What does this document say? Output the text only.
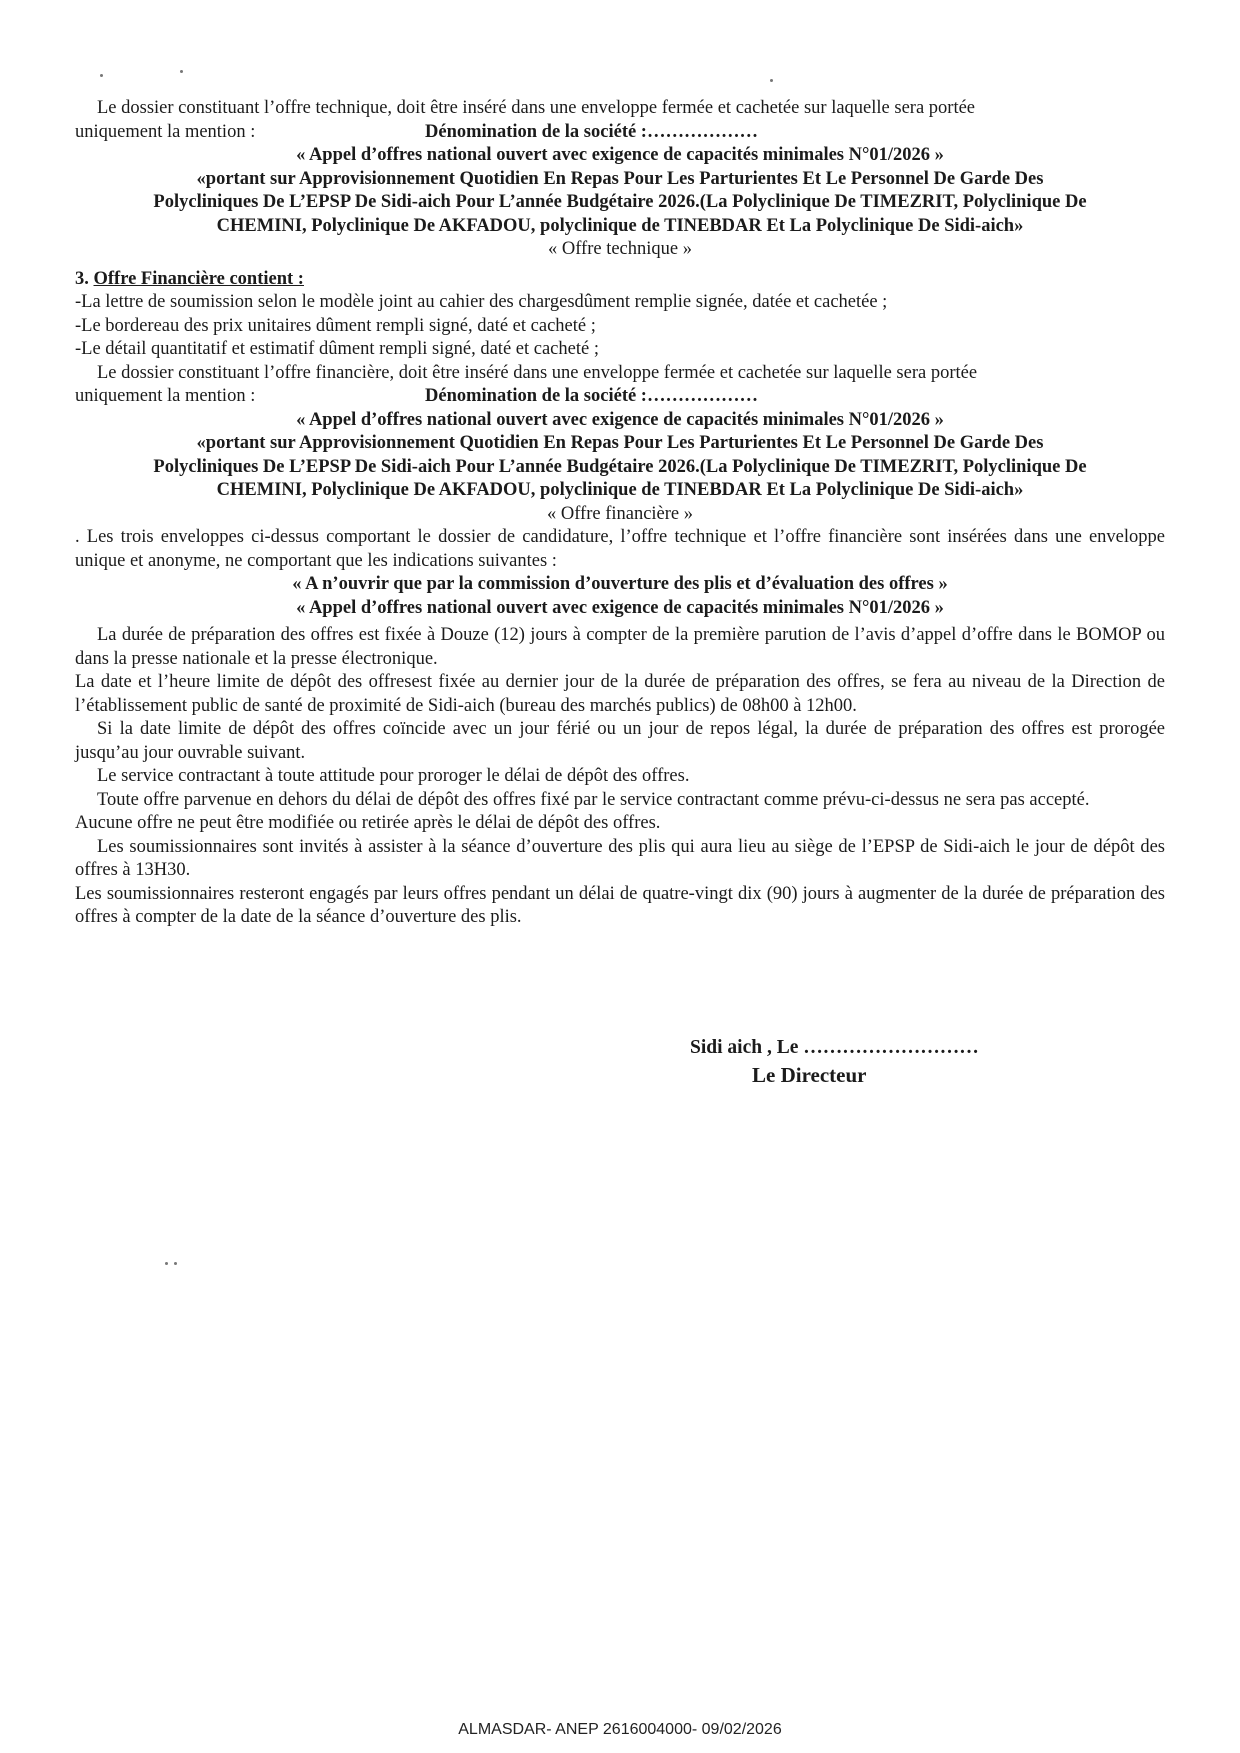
Le dossier constituant l’offre technique, doit être inséré dans une enveloppe fermée et cachetée sur laquelle sera portée

uniquement la mention :	Dénomination de la société :………………

« Appel d’offres national ouvert avec exigence de capacités minimales N°01/2026 »

«portant sur Approvisionnement Quotidien En Repas Pour Les Parturientes Et Le Personnel De Garde Des

Polycliniques De L’EPSP De Sidi-aich Pour L’année Budgétaire 2026.(La Polyclinique De TIMEZRIT, Polyclinique De

CHEMINI, Polyclinique De AKFADOU, polyclinique de TINEBDAR Et La Polyclinique De Sidi-aich»

« Offre technique »

3. Offre Financière contient :

-La lettre de soumission selon le modèle joint au cahier des chargesdûment remplie signée, datée et cachetée ;

-Le bordereau des prix unitaires dûment rempli signé, daté et cacheté ;

-Le détail quantitatif et estimatif dûment rempli signé, daté et cacheté ;

Le dossier constituant l’offre financière, doit être inséré dans une enveloppe fermée et cachetée sur laquelle sera portée

uniquement la mention :	Dénomination de la société :………………

« Appel d’offres national ouvert avec exigence de capacités minimales N°01/2026 »

«portant sur Approvisionnement Quotidien En Repas Pour Les Parturientes Et Le Personnel De Garde Des

Polycliniques De L’EPSP De Sidi-aich Pour L’année Budgétaire 2026.(La Polyclinique De TIMEZRIT, Polyclinique De

CHEMINI, Polyclinique De AKFADOU, polyclinique de TINEBDAR Et La Polyclinique De Sidi-aich»

« Offre financière »

. Les trois enveloppes ci-dessus comportant le dossier de candidature, l’offre technique et l’offre financière sont insérées dans une enveloppe unique et anonyme, ne comportant que les indications suivantes :

« A n’ouvrir que par la commission d’ouverture des plis et d’évaluation des offres »

« Appel d’offres national ouvert avec exigence de capacités minimales N°01/2026 »

La durée de préparation des offres est fixée à Douze (12) jours à compter de la première parution de l’avis d’appel d’offre dans le BOMOP ou dans la presse nationale et la presse électronique.

La date et l’heure limite de dépôt des offresest fixée au dernier jour de la durée de préparation des offres, se fera au niveau de la Direction de l’établissement public de santé de proximité de Sidi-aich (bureau des marchés publics) de 08h00 à 12h00.

Si la date limite de dépôt des offres coïncide avec un jour férié ou un jour de repos légal, la durée de préparation des offres est prorogée jusqu’au jour ouvrable suivant.

Le service contractant à toute attitude pour proroger le délai de dépôt des offres.

Toute offre parvenue en dehors du délai de dépôt des offres fixé par le service contractant comme prévu-ci-dessus ne sera pas accepté.

Aucune offre ne peut être modifiée ou retirée après le délai de dépôt des offres.

Les soumissionnaires sont invités à assister à la séance d’ouverture des plis qui aura lieu au siège de l’EPSP de Sidi-aich le jour de dépôt des offres à 13H30.

Les soumissionnaires resteront engagés par leurs offres pendant un délai de quatre-vingt dix (90) jours à augmenter de la durée de préparation des offres à compter de la date de la séance d’ouverture des plis.

Sidi aich , Le ………………………
Le Directeur
ALMASDAR- ANEP 2616004000- 09/02/2026
